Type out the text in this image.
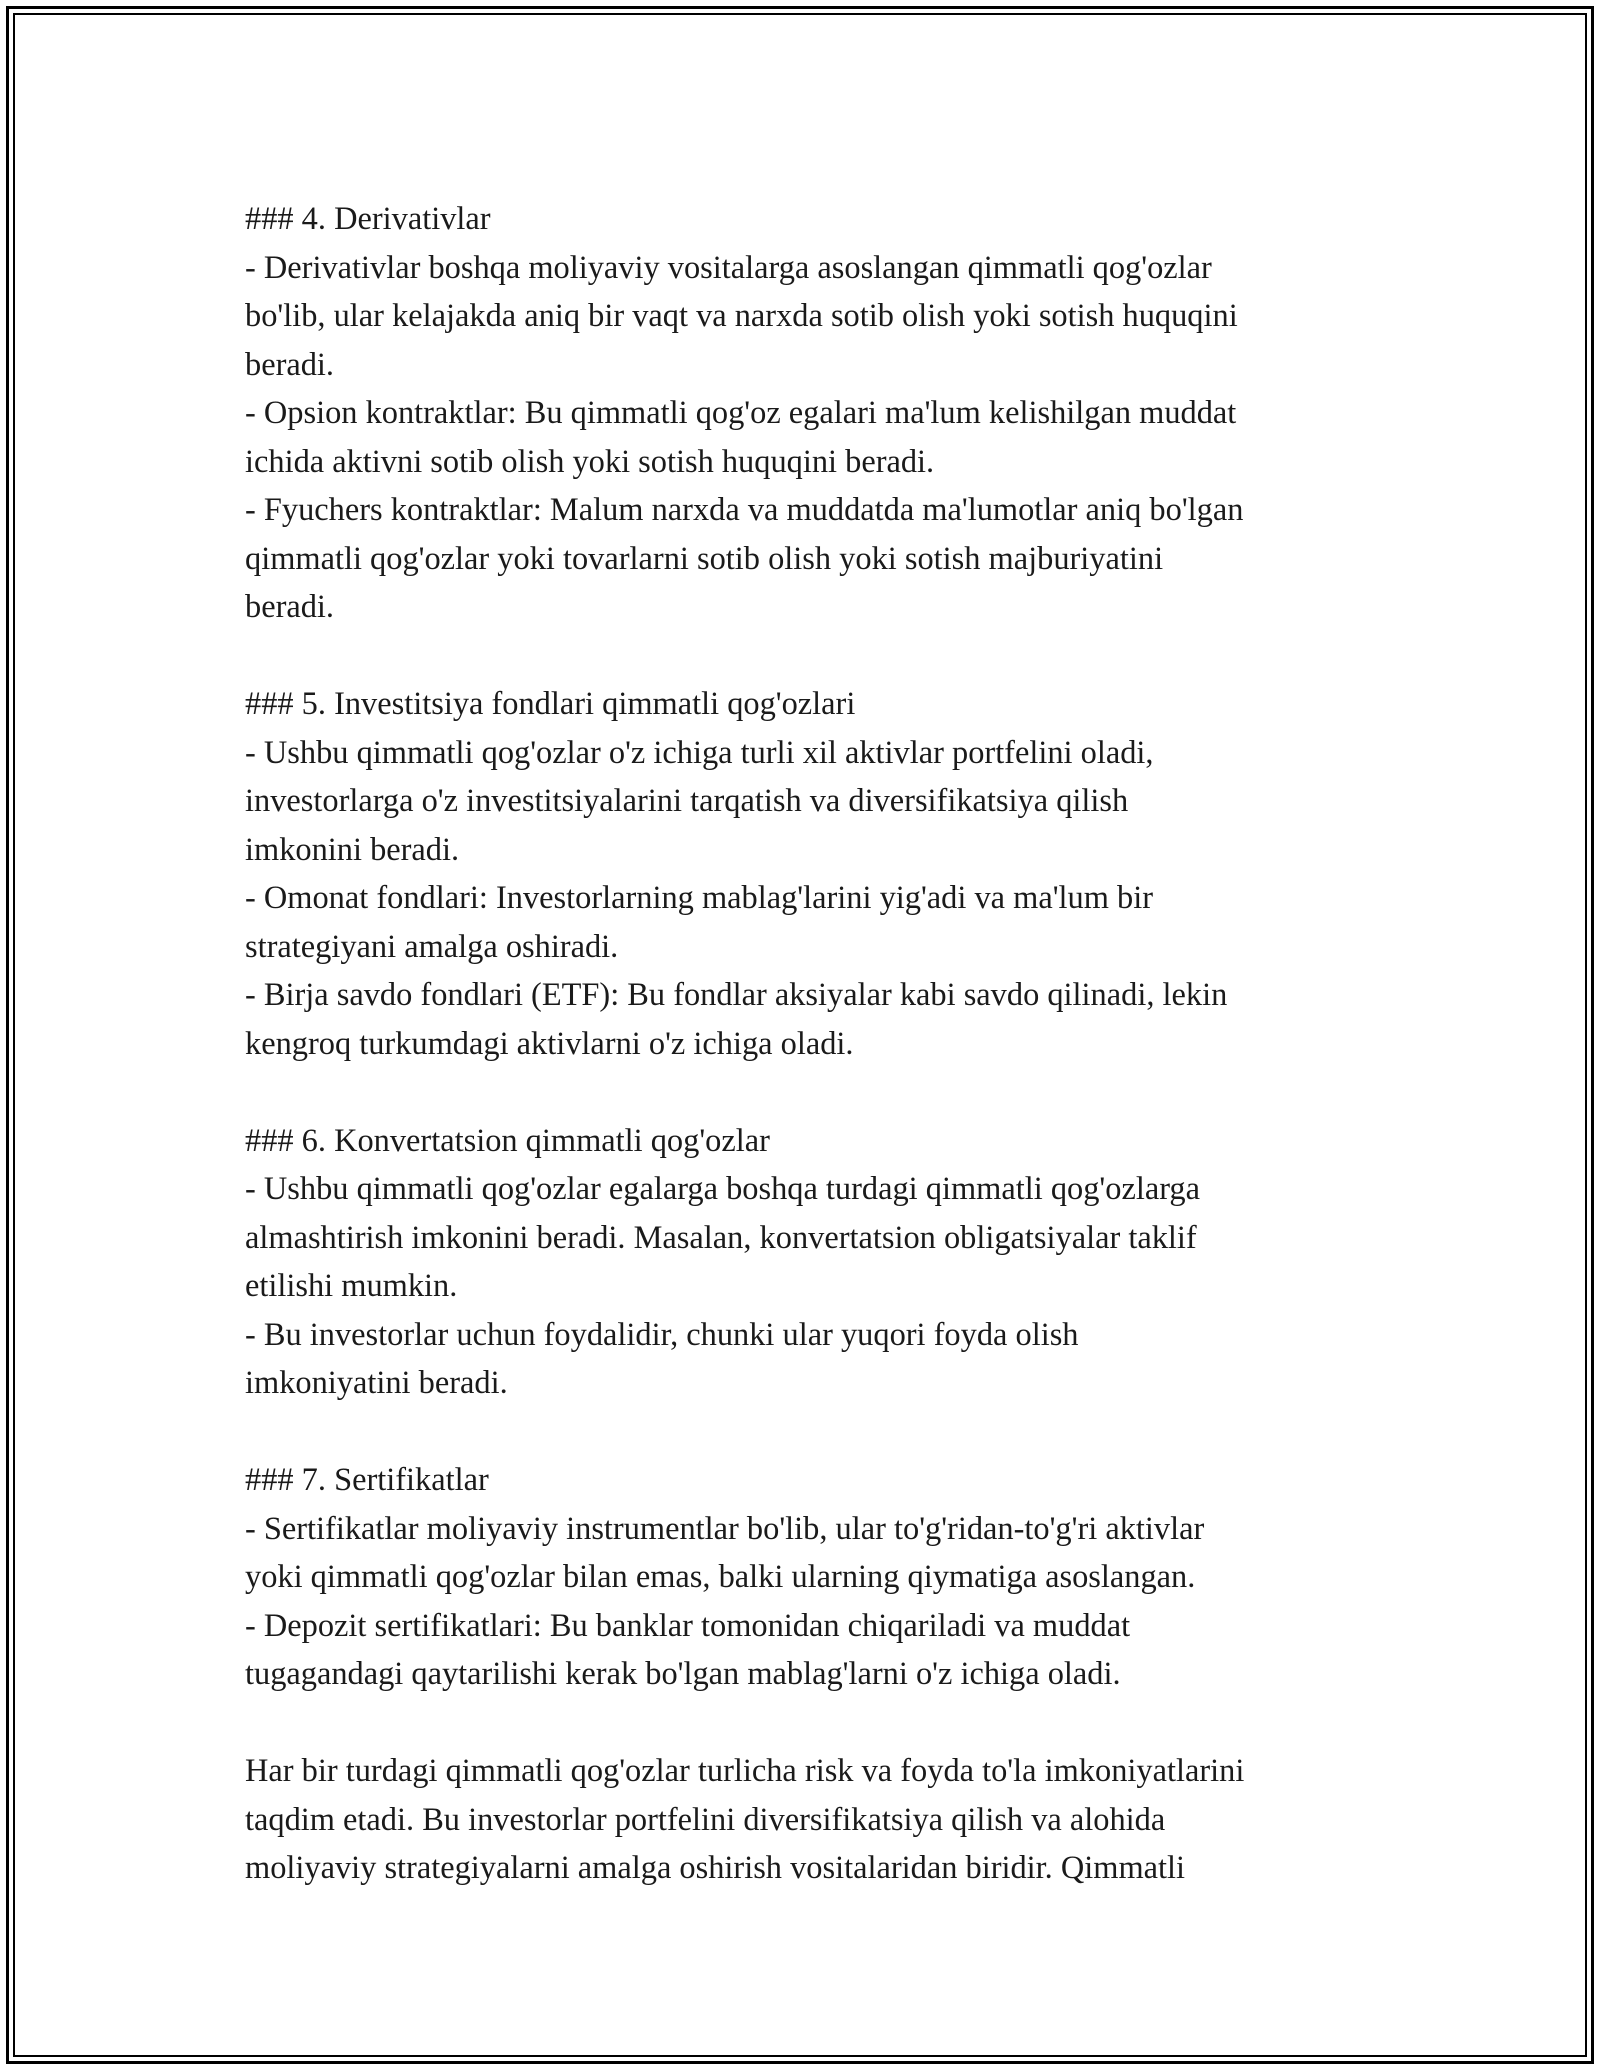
### 4. Derivativlar
- Derivativlar boshqa moliyaviy vositalarga asoslangan qimmatli qog'ozlar
bo'lib, ular kelajakda aniq bir vaqt va narxda sotib olish yoki sotish huquqini
beradi.
- Opsion kontraktlar: Bu qimmatli qog'oz egalari ma'lum kelishilgan muddat
ichida aktivni sotib olish yoki sotish huquqini beradi.
- Fyuchers kontraktlar: Malum narxda va muddatda ma'lumotlar aniq bo'lgan
qimmatli qog'ozlar yoki tovarlarni sotib olish yoki sotish majburiyatini
beradi.
### 5. Investitsiya fondlari qimmatli qog'ozlari
- Ushbu qimmatli qog'ozlar o'z ichiga turli xil aktivlar portfelini oladi,
investorlarga o'z investitsiyalarini tarqatish va diversifikatsiya qilish
imkonini beradi.
- Omonat fondlari: Investorlarning mablag'larini yig'adi va ma'lum bir
strategiyani amalga oshiradi.
- Birja savdo fondlari (ETF): Bu fondlar aksiyalar kabi savdo qilinadi, lekin
kengroq turkumdagi aktivlarni o'z ichiga oladi.
### 6. Konvertatsion qimmatli qog'ozlar
- Ushbu qimmatli qog'ozlar egalarga boshqa turdagi qimmatli qog'ozlarga
almashtirish imkonini beradi. Masalan, konvertatsion obligatsiyalar taklif
etilishi mumkin.
- Bu investorlar uchun foydalidir, chunki ular yuqori foyda olish
imkoniyatini beradi.
### 7. Sertifikatlar
- Sertifikatlar moliyaviy instrumentlar bo'lib, ular to'g'ridan-to'g'ri aktivlar
yoki qimmatli qog'ozlar bilan emas, balki ularning qiymatiga asoslangan.
- Depozit sertifikatlari: Bu banklar tomonidan chiqariladi va muddat
tugagandagi qaytarilishi kerak bo'lgan mablag'larni o'z ichiga oladi.
Har bir turdagi qimmatli qog'ozlar turlicha risk va foyda to'la imkoniyatlarini
taqdim etadi. Bu investorlar portfelini diversifikatsiya qilish va alohida
moliyaviy strategiyalarni amalga oshirish vositalaridan biridir. Qimmatli
